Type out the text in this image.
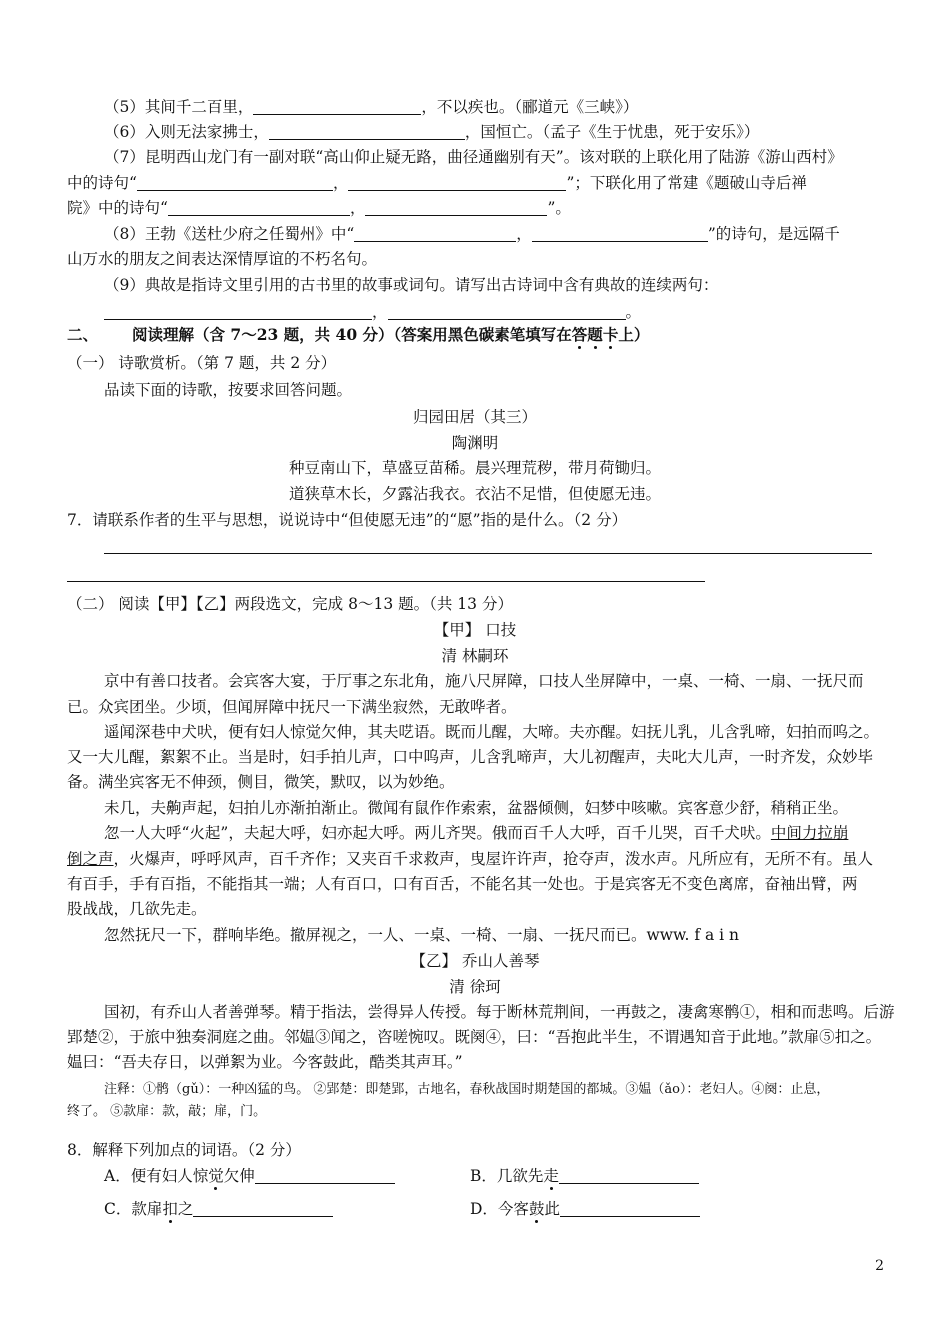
（5）其间千二百里，	，不以疾也。（郦道元《三峡》）
（6）入则无法家拂士，	，国恒亡。（孟子《生于忧患，死于安乐》）
（7）昆明西山龙门有一副对联“高山仰止疑无路，曲径通幽别有天”。该对联的上联化用了陆游《游山西村》
中的诗句“	，	”；下联化用了常建《题破山寺后禅
院》中的诗句“	，	”。
（8）王勃《送杜少府之任蜀州》中“	，	”的诗句，是远隔千
山万水的朋友之间表达深情厚谊的不朽名句。
（9）典故是指诗文里引用的古书里的故事或词句。请写出古诗词中含有典故的连续两句：
，	。
二、 阅读理解（含 7～23 题，共 40 分）（答案用黑色碳素笔填写在答题卡上）
（一） 诗歌赏析。（第 7 题，共 2 分）
品读下面的诗歌，按要求回答问题。
归园田居（其三）
陶渊明
种豆南山下，草盛豆苗稀。晨兴理荒秽，带月荷锄归。
道狭草木长，夕露沾我衣。衣沾不足惜，但使愿无违。
7．请联系作者的生平与思想，说说诗中“但使愿无违”的“愿”指的是什么。（2 分）
（二） 阅读【甲】【乙】两段选文，完成 8～13 题。（共 13 分）
【甲】 口技
清 林嗣环
京中有善口技者。会宾客大宴，于厅事之东北角，施八尺屏障，口技人坐屏障中，一桌、一椅、一扇、一抚尺而
已。众宾团坐。少顷，但闻屏障中抚尺一下满坐寂然，无敢哗者。
遥闻深巷中犬吠，便有妇人惊觉欠伸，其夫呓语。既而儿醒，大啼。夫亦醒。妇抚儿乳，儿含乳啼，妇拍而呜之。
又一大儿醒，絮絮不止。当是时，妇手拍儿声，口中呜声，儿含乳啼声，大儿初醒声，夫叱大儿声，一时齐发，众妙毕
备。满坐宾客无不伸颈，侧目，微笑，默叹，以为妙绝。
未几，夫齁声起，妇拍儿亦渐拍渐止。微闻有鼠作作索索，盆器倾侧，妇梦中咳嗽。宾客意少舒，稍稍正坐。
忽一人大呼“火起”，夫起大呼，妇亦起大呼。两儿齐哭。俄而百千人大呼，百千儿哭，百千犬吠。中间力拉崩
倒之声，火爆声，呼呼风声，百千齐作；又夹百千求救声，曳屋许许声，抢夺声，泼水声。凡所应有，无所不有。虽人
有百手，手有百指，不能指其一端；人有百口，口有百舌，不能名其一处也。于是宾客无不变色离席，奋袖出臂，两
股战战，几欲先走。
忽然抚尺一下，群响毕绝。撤屏视之，一人、一桌、一椅、一扇、一抚尺而已。www. f a i n
【乙】 乔山人善琴
清 徐珂
国初，有乔山人者善弹琴。精于指法，尝得异人传授。每于断林荒荆间，一再鼓之，凄禽寒鹘①，相和而悲鸣。后游
郢楚②，于旅中独奏洞庭之曲。邻媪③闻之，咨嗟惋叹。既阕④，曰：“吾抱此半生，不谓遇知音于此地。”款扉⑤扣之。
媪曰：“吾夫存日，以弹絮为业。今客鼓此，酷类其声耳。”
注释：①鹘（gǔ）：一种凶猛的鸟。 ②郢楚：即楚郢，古地名，春秋战国时期楚国的都城。③媪（ǎo）：老妇人。④阕：止息，
终了。 ⑤款扉：款，敲；扉，门。
8．解释下列加点的词语。（2 分）
A．便有妇人惊觉欠伸	B．几欲先走
C．款扉扣之	D．今客鼓此
2
